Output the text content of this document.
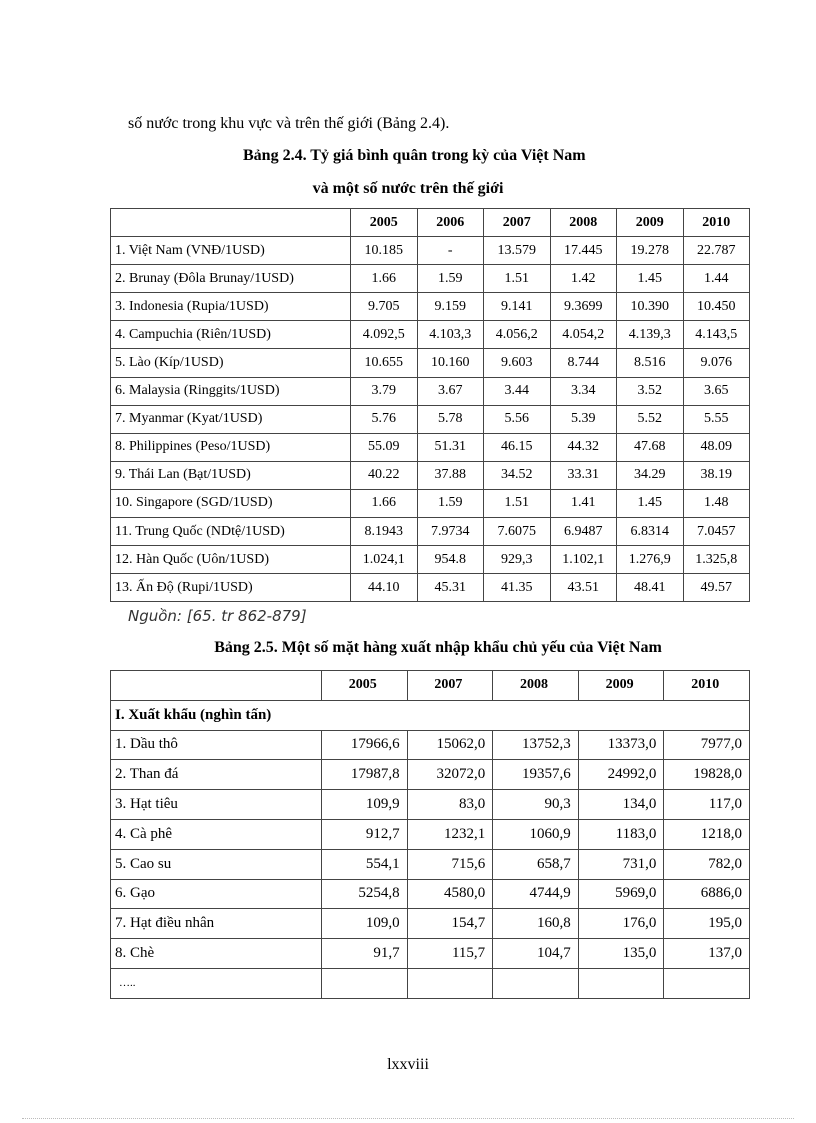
số nước trong khu vực và trên thế giới (Bảng 2.4).

Bảng 2.4. Tỷ giá bình quân trong kỳ của Việt Nam
và một số nước trên thế giới
	2005	2006	2007	2008	2009	2010
1. Việt Nam (VNĐ/1USD)	10.185	-	13.579	17.445	19.278	22.787
2. Brunay (Đôla Brunay/1USD)	1.66	1.59	1.51	1.42	1.45	1.44
3. Indonesia (Rupia/1USD)	9.705	9.159	9.141	9.3699	10.390	10.450
4. Campuchia (Riên/1USD)	4.092,5	4.103,3	4.056,2	4.054,2	4.139,3	4.143,5
5. Lào (Kíp/1USD)	10.655	10.160	9.603	8.744	8.516	9.076
6. Malaysia (Ringgits/1USD)	3.79	3.67	3.44	3.34	3.52	3.65
7. Myanmar (Kyat/1USD)	5.76	5.78	5.56	5.39	5.52	5.55
8. Philippines (Peso/1USD)	55.09	51.31	46.15	44.32	47.68	48.09
9. Thái Lan (Bạt/1USD)	40.22	37.88	34.52	33.31	34.29	38.19
10. Singapore (SGD/1USD)	1.66	1.59	1.51	1.41	1.45	1.48
11. Trung Quốc (NDtệ/1USD)	8.1943	7.9734	7.6075	6.9487	6.8314	7.0457
12. Hàn Quốc (Uôn/1USD)	1.024,1	954.8	929,3	1.102,1	1.276,9	1.325,8
13. Ấn Độ (Rupi/1USD)	44.10	45.31	41.35	43.51	48.41	49.57
Nguồn: [65. tr 862-879]
Bảng 2.5. Một số mặt hàng xuất nhập khẩu chủ yếu của Việt Nam
	2005	2007	2008	2009	2010
I. Xuất khẩu (nghìn tấn)					
1. Dầu thô	17966,6	15062,0	13752,3	13373,0	7977,0
2. Than đá	17987,8	32072,0	19357,6	24992,0	19828,0
3. Hạt tiêu	109,9	83,0	90,3	134,0	117,0
4. Cà phê	912,7	1232,1	1060,9	1183,0	1218,0
5. Cao su	554,1	715,6	658,7	731,0	782,0
6. Gạo	5254,8	4580,0	4744,9	5969,0	6886,0
7. Hạt điều nhân	109,0	154,7	160,8	176,0	195,0
8. Chè	91,7	115,7	104,7	135,0	137,0
…..					
lxxviii
